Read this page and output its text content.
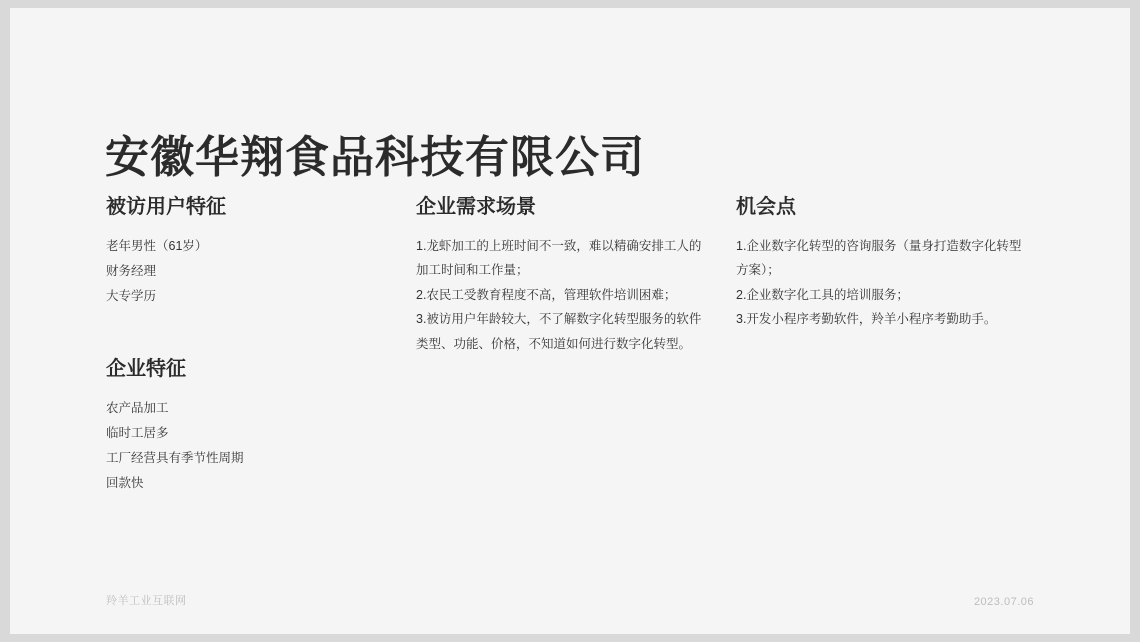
安徽华翔食品科技有限公司
被访用户特征
老年男性（61岁）
财务经理
大专学历
企业需求场景
1.龙虾加工的上班时间不一致，难以精确安排工人的加工时间和工作量；
2.农民工受教育程度不高，管理软件培训困难；
3.被访用户年龄较大，不了解数字化转型服务的软件类型、功能、价格，不知道如何进行数字化转型。
机会点
1.企业数字化转型的咨询服务（量身打造数字化转型方案）；
2.企业数字化工具的培训服务；
3.开发小程序考勤软件，羚羊小程序考勤助手。
企业特征
农产品加工
临时工居多
工厂经营具有季节性周期
回款快
羚羊工业互联网	2023.07.06
